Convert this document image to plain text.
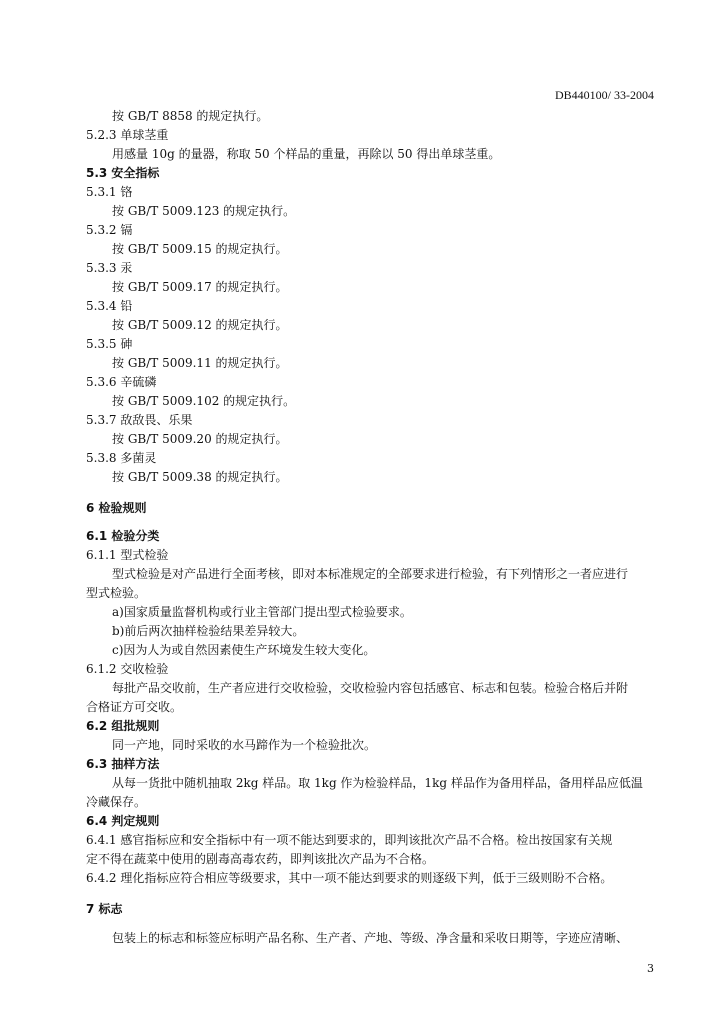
DB440100/ 33-2004
按 GB/T 8858 的规定执行。
5.2.3 单球茎重
用感量 10g 的量器，称取 50 个样品的重量，再除以 50 得出单球茎重。
5.3 安全指标
5.3.1 铬
按 GB/T 5009.123 的规定执行。
5.3.2 镉
按 GB/T 5009.15 的规定执行。
5.3.3 汞
按 GB/T 5009.17 的规定执行。
5.3.4 铅
按 GB/T 5009.12 的规定执行。
5.3.5 砷
按 GB/T 5009.11 的规定执行。
5.3.6 辛硫磷
按 GB/T 5009.102 的规定执行。
5.3.7 敌敌畏、乐果
按 GB/T 5009.20 的规定执行。
5.3.8 多菌灵
按 GB/T 5009.38 的规定执行。
6 检验规则
6.1 检验分类
6.1.1 型式检验
型式检验是对产品进行全面考核，即对本标准规定的全部要求进行检验，有下列情形之一者应进行
型式检验。
a)国家质量监督机构或行业主管部门提出型式检验要求。
b)前后两次抽样检验结果差异较大。
c)因为人为或自然因素使生产环境发生较大变化。
6.1.2 交收检验
每批产品交收前，生产者应进行交收检验，交收检验内容包括感官、标志和包装。检验合格后并附
合格证方可交收。
6.2 组批规则
同一产地，同时采收的水马蹄作为一个检验批次。
6.3 抽样方法
从每一货批中随机抽取 2kg 样品。取 1kg 作为检验样品，1kg 样品作为备用样品，备用样品应低温
冷藏保存。
6.4 判定规则
6.4.1 感官指标应和安全指标中有一项不能达到要求的，即判该批次产品不合格。检出按国家有关规
定不得在蔬菜中使用的剧毒高毒农药，即判该批次产品为不合格。
6.4.2 理化指标应符合相应等级要求，其中一项不能达到要求的则逐级下判，低于三级则盼不合格。
7 标志
包装上的标志和标签应标明产品名称、生产者、产地、等级、净含量和采收日期等，字迹应清晰、
3
